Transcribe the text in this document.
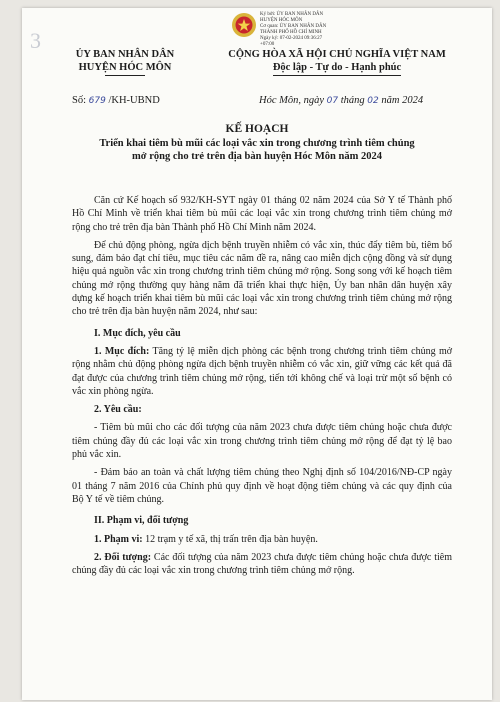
3
Ký bởi: ỦY BAN NHÂN DÂN
HUYỆN HÓC MÔN
Cơ quan: ỦY BAN NHÂN DÂN
THÀNH PHỐ HỒ CHÍ MINH
Ngày ký: 07-02-2024 09:36:27
+07:00
ỦY BAN NHÂN DÂN
HUYỆN HÓC MÔN
CỘNG HÒA XÃ HỘI CHỦ NGHĨA VIỆT NAM
Độc lập - Tự do - Hạnh phúc
Số: 679 /KH-UBND	Hóc Môn, ngày 07 tháng 02 năm 2024
KẾ HOẠCH
Triển khai tiêm bù mũi các loại vắc xin trong chương trình tiêm chủng
mở rộng cho trẻ trên địa bàn huyện Hóc Môn năm 2024

Căn cứ Kế hoạch số 932/KH-SYT ngày 01 tháng 02 năm 2024 của Sở Y tế Thành phố Hồ Chí Minh về triển khai tiêm bù mũi các loại vắc xin trong chương trình tiêm chủng mở rộng cho trẻ trên địa bàn Thành phố Hồ Chí Minh năm 2024.

Để chủ động phòng, ngừa dịch bệnh truyền nhiễm có vắc xin, thúc đẩy tiêm bù, tiêm bổ sung, đảm bảo đạt chỉ tiêu, mục tiêu các năm đề ra, nâng cao miễn dịch cộng đồng và sử dụng hiệu quả nguồn vắc xin trong chương trình tiêm chủng mở rộng. Song song với kế hoạch tiêm chủng mở rộng thường quy hàng năm đã triển khai thực hiện, Ủy ban nhân dân huyện xây dựng kế hoạch triển khai tiêm bù mũi các loại vắc xin trong chương trình tiêm chủng mở rộng cho trẻ trên địa bàn huyện năm 2024, như sau:

I. Mục đích, yêu cầu

1. Mục đích: Tăng tỷ lệ miễn dịch phòng các bệnh trong chương trình tiêm chủng mở rộng nhằm chủ động phòng ngừa dịch bệnh truyền nhiễm có vắc xin, giữ vững các kết quả đã đạt được của chương trình tiêm chủng mở rộng, tiến tới không chế và loại trừ một số bệnh có vắc xin phòng ngừa.

2. Yêu cầu:

- Tiêm bù mũi cho các đối tượng của năm 2023 chưa được tiêm chủng hoặc chưa được tiêm chủng đầy đủ các loại vắc xin trong chương trình tiêm chủng mở rộng để đạt tỷ lệ bao phủ vắc xin.

- Đảm bảo an toàn và chất lượng tiêm chủng theo Nghị định số 104/2016/NĐ-CP ngày 01 tháng 7 năm 2016 của Chính phủ quy định về hoạt động tiêm chủng và các quy định của Bộ Y tế về tiêm chủng.

II. Phạm vi, đối tượng

1. Phạm vi: 12 trạm y tế xã, thị trấn trên địa bàn huyện.

2. Đối tượng: Các đối tượng của năm 2023 chưa được tiêm chủng hoặc chưa được tiêm chủng đầy đủ các loại vắc xin trong chương trình tiêm chủng mở rộng.
